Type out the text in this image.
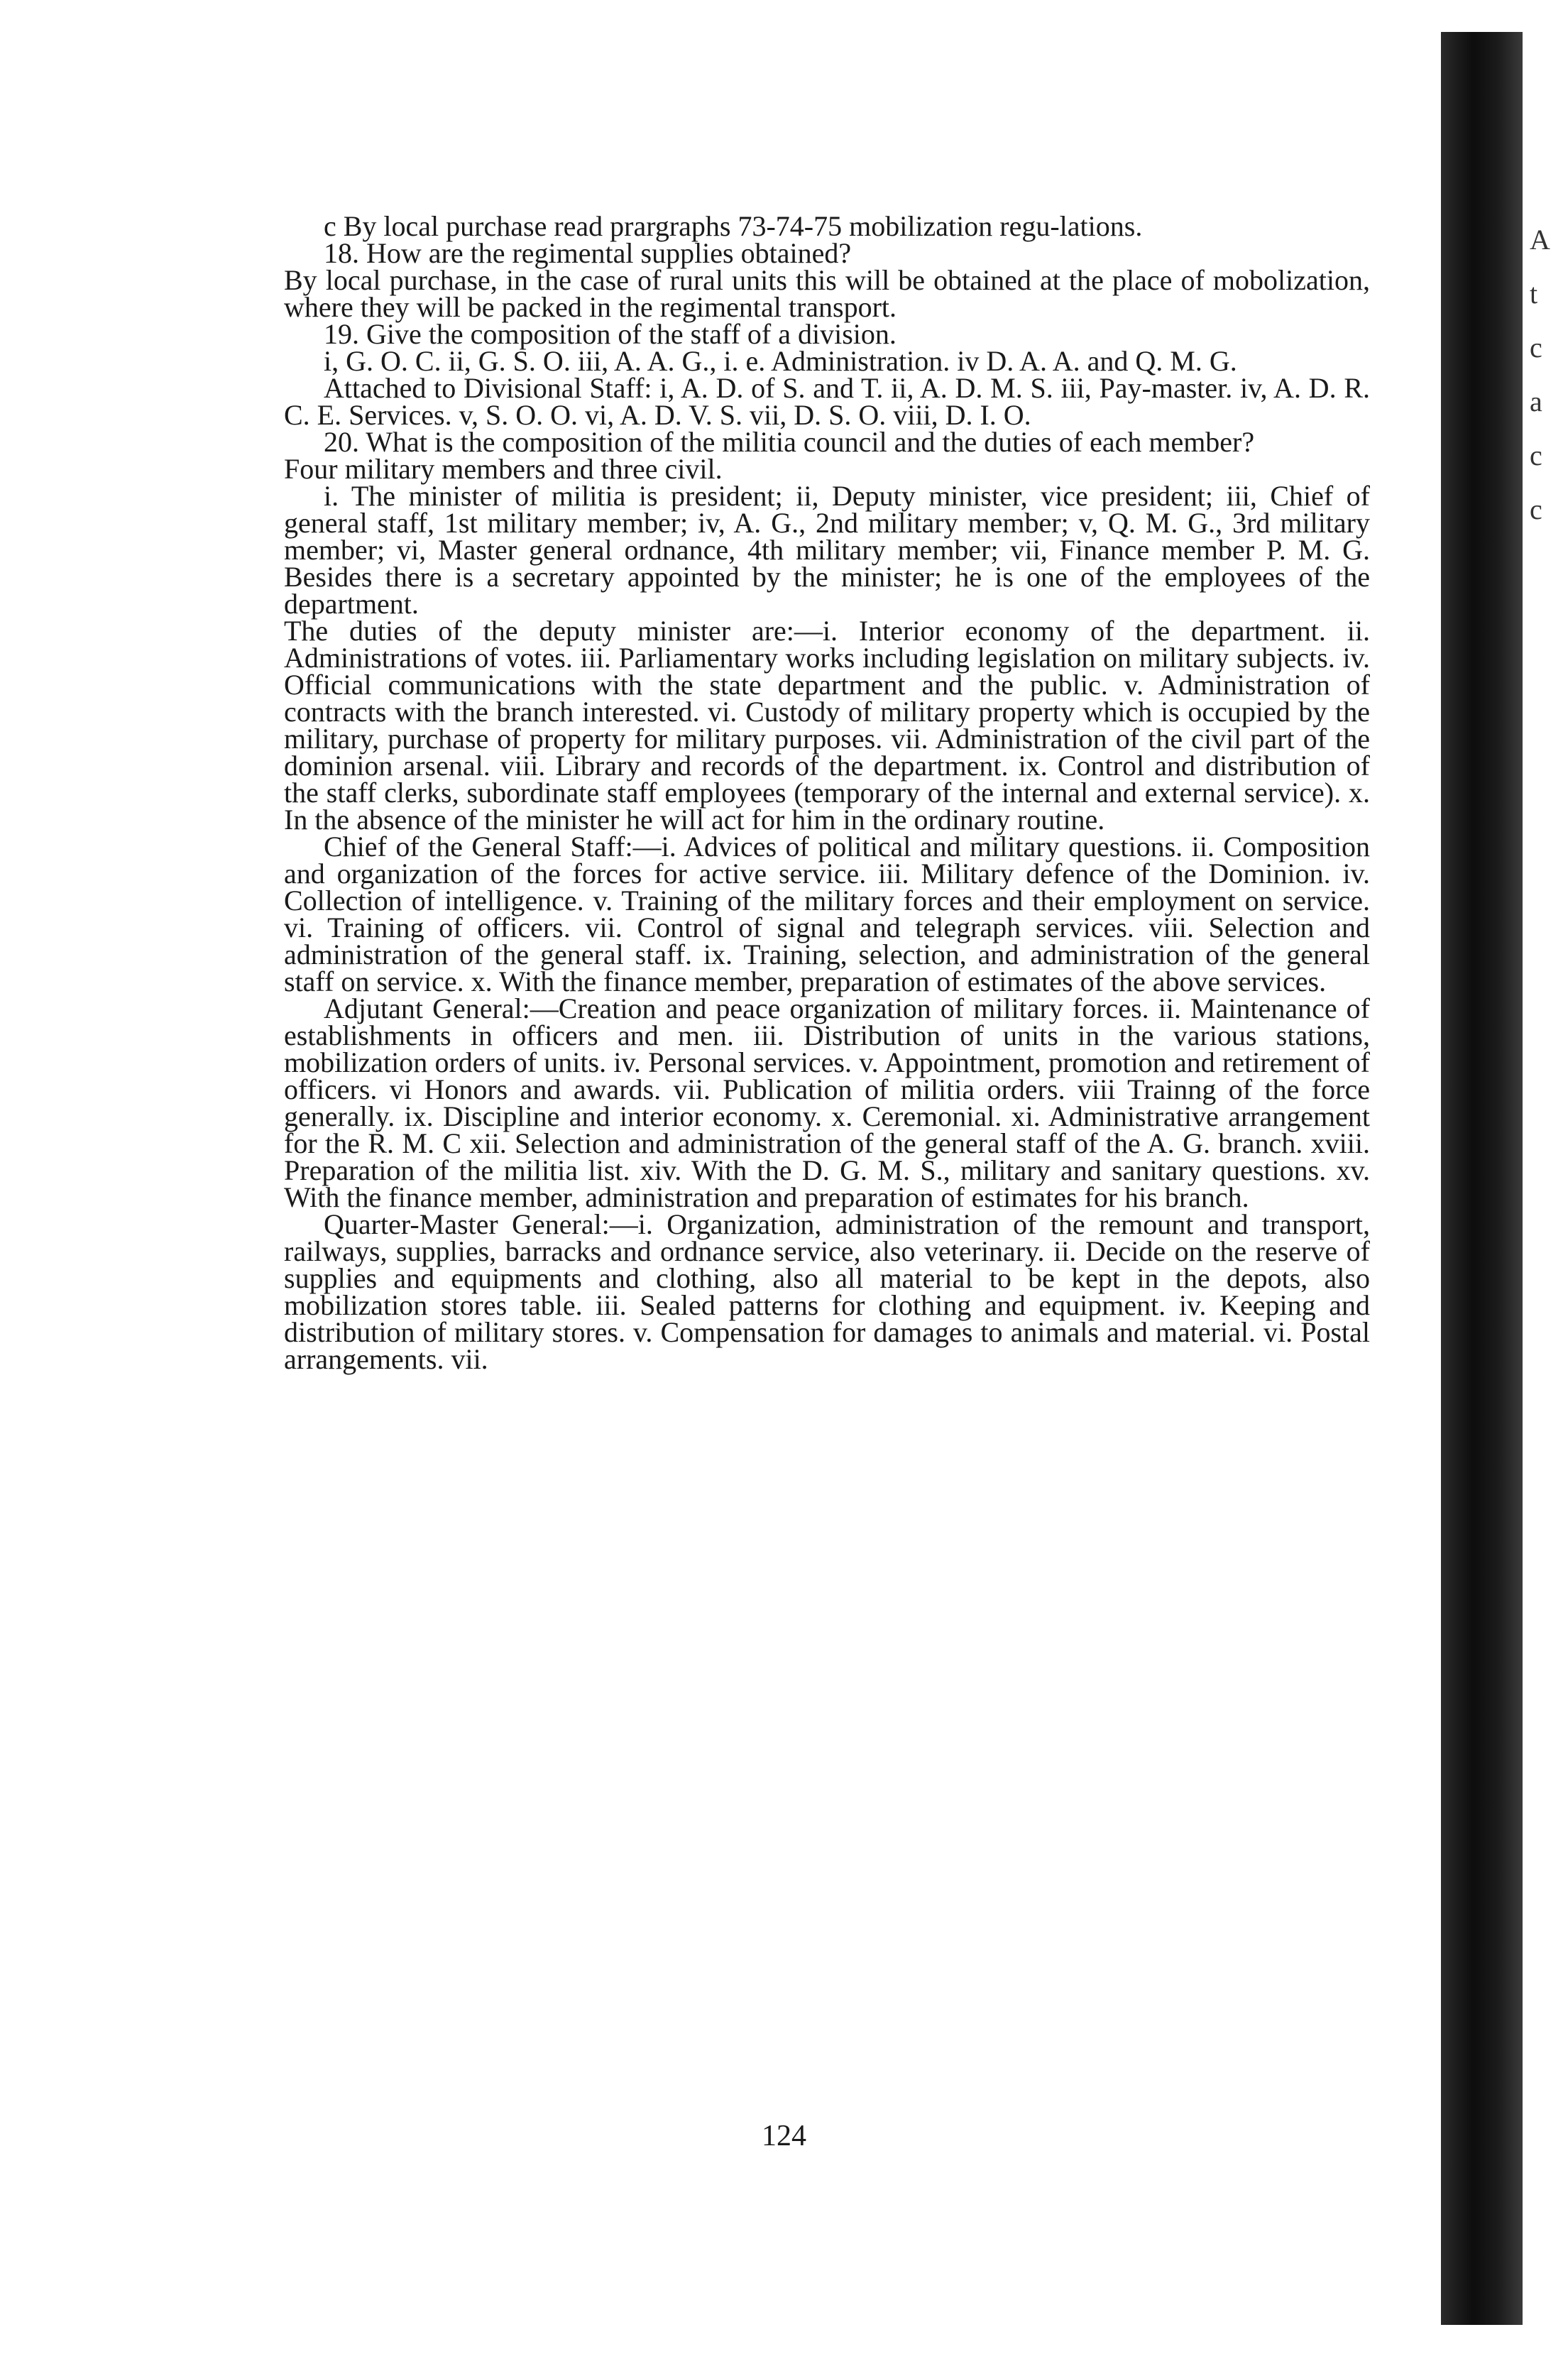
A
t
c
a
c
c

c By local purchase read prargraphs 73-74-75 mobilization regu-lations.

18. How are the regimental supplies obtained?

By local purchase, in the case of rural units this will be obtained at the place of mobolization, where they will be packed in the regimental transport.

19. Give the composition of the staff of a division.

i, G. O. C. ii, G. S. O. iii, A. A. G., i. e. Administration. iv D. A. A. and Q. M. G.

Attached to Divisional Staff: i, A. D. of S. and T. ii, A. D. M. S. iii, Pay-master. iv, A. D. R. C. E. Services. v, S. O. O. vi, A. D. V. S. vii, D. S. O. viii, D. I. O.

20. What is the composition of the militia council and the duties of each member?

Four military members and three civil.

i. The minister of militia is president; ii, Deputy minister, vice president; iii, Chief of general staff, 1st military member; iv, A. G., 2nd military member; v, Q. M. G., 3rd military member; vi, Master general ordnance, 4th military member; vii, Finance member P. M. G. Besides there is a secretary appointed by the minister; he is one of the employees of the department.

The duties of the deputy minister are:—i. Interior economy of the department. ii. Administrations of votes. iii. Parliamentary works including legislation on military subjects. iv. Official communications with the state department and the public. v. Administration of contracts with the branch interested. vi. Custody of military property which is occupied by the military, purchase of property for military purposes. vii. Administration of the civil part of the dominion arsenal. viii. Library and records of the department. ix. Control and distribution of the staff clerks, subordinate staff employees (temporary of the internal and external service). x. In the absence of the minister he will act for him in the ordinary routine.

Chief of the General Staff:—i. Advices of political and military questions. ii. Composition and organization of the forces for active service. iii. Military defence of the Dominion. iv. Collection of intelligence. v. Training of the military forces and their employment on service. vi. Training of officers. vii. Control of signal and telegraph services. viii. Selection and administration of the general staff. ix. Training, selection, and administration of the general staff on service. x. With the finance member, preparation of estimates of the above services.

Adjutant General:—Creation and peace organization of military forces. ii. Maintenance of establishments in officers and men. iii. Distribution of units in the various stations, mobilization orders of units. iv. Personal services. v. Appointment, promotion and retirement of officers. vi Honors and awards. vii. Publication of militia orders. viii Trainng of the force generally. ix. Discipline and interior economy. x. Ceremonial. xi. Administrative arrangement for the R. M. C xii. Selection and administration of the general staff of the A. G. branch. xviii. Preparation of the militia list. xiv. With the D. G. M. S., military and sanitary questions. xv. With the finance member, administration and preparation of estimates for his branch.

Quarter-Master General:—i. Organization, administration of the remount and transport, railways, supplies, barracks and ordnance service, also veterinary. ii. Decide on the reserve of supplies and equipments and clothing, also all material to be kept in the depots, also mobilization stores table. iii. Sealed patterns for clothing and equipment. iv. Keeping and distribution of military stores. v. Compensation for damages to animals and material. vi. Postal arrangements. vii.

124
